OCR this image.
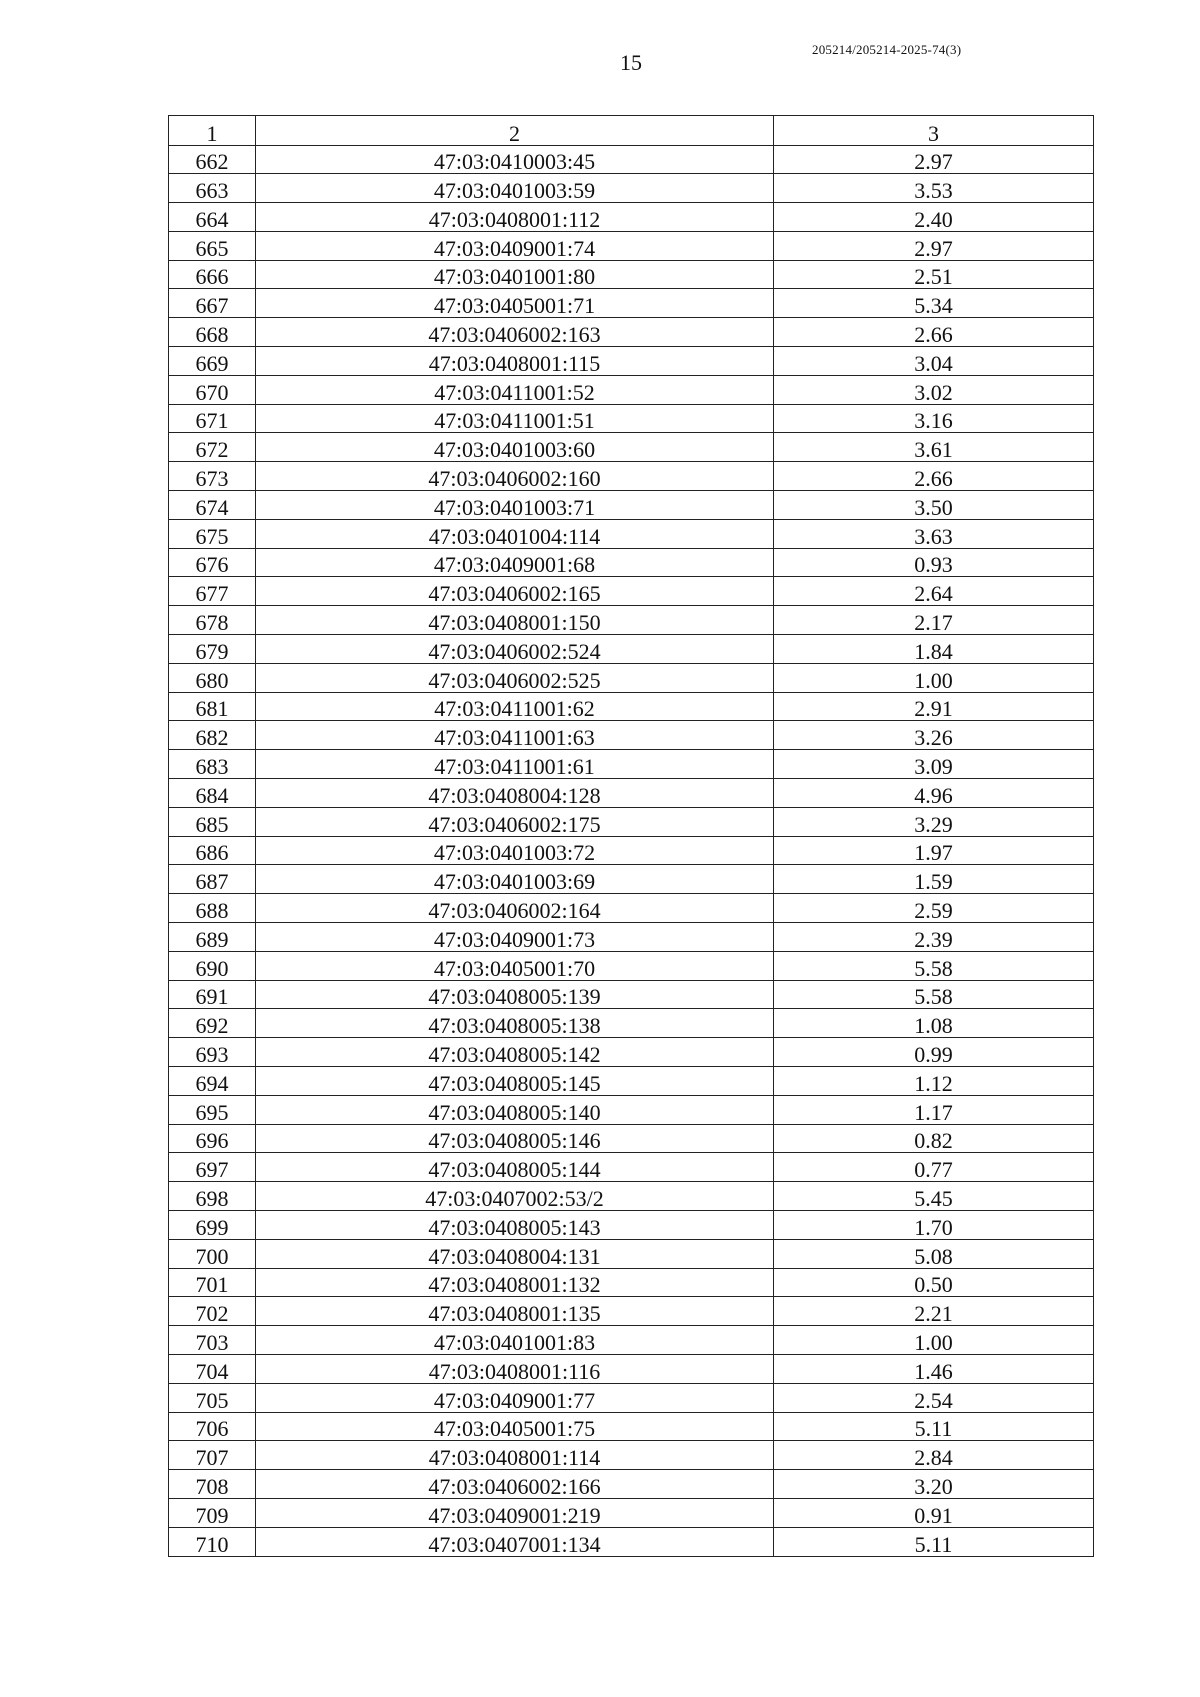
15
205214/205214-2025-74(3)
1	2	3
662	47:03:0410003:45	2.97
663	47:03:0401003:59	3.53
664	47:03:0408001:112	2.40
665	47:03:0409001:74	2.97
666	47:03:0401001:80	2.51
667	47:03:0405001:71	5.34
668	47:03:0406002:163	2.66
669	47:03:0408001:115	3.04
670	47:03:0411001:52	3.02
671	47:03:0411001:51	3.16
672	47:03:0401003:60	3.61
673	47:03:0406002:160	2.66
674	47:03:0401003:71	3.50
675	47:03:0401004:114	3.63
676	47:03:0409001:68	0.93
677	47:03:0406002:165	2.64
678	47:03:0408001:150	2.17
679	47:03:0406002:524	1.84
680	47:03:0406002:525	1.00
681	47:03:0411001:62	2.91
682	47:03:0411001:63	3.26
683	47:03:0411001:61	3.09
684	47:03:0408004:128	4.96
685	47:03:0406002:175	3.29
686	47:03:0401003:72	1.97
687	47:03:0401003:69	1.59
688	47:03:0406002:164	2.59
689	47:03:0409001:73	2.39
690	47:03:0405001:70	5.58
691	47:03:0408005:139	5.58
692	47:03:0408005:138	1.08
693	47:03:0408005:142	0.99
694	47:03:0408005:145	1.12
695	47:03:0408005:140	1.17
696	47:03:0408005:146	0.82
697	47:03:0408005:144	0.77
698	47:03:0407002:53/2	5.45
699	47:03:0408005:143	1.70
700	47:03:0408004:131	5.08
701	47:03:0408001:132	0.50
702	47:03:0408001:135	2.21
703	47:03:0401001:83	1.00
704	47:03:0408001:116	1.46
705	47:03:0409001:77	2.54
706	47:03:0405001:75	5.11
707	47:03:0408001:114	2.84
708	47:03:0406002:166	3.20
709	47:03:0409001:219	0.91
710	47:03:0407001:134	5.11
